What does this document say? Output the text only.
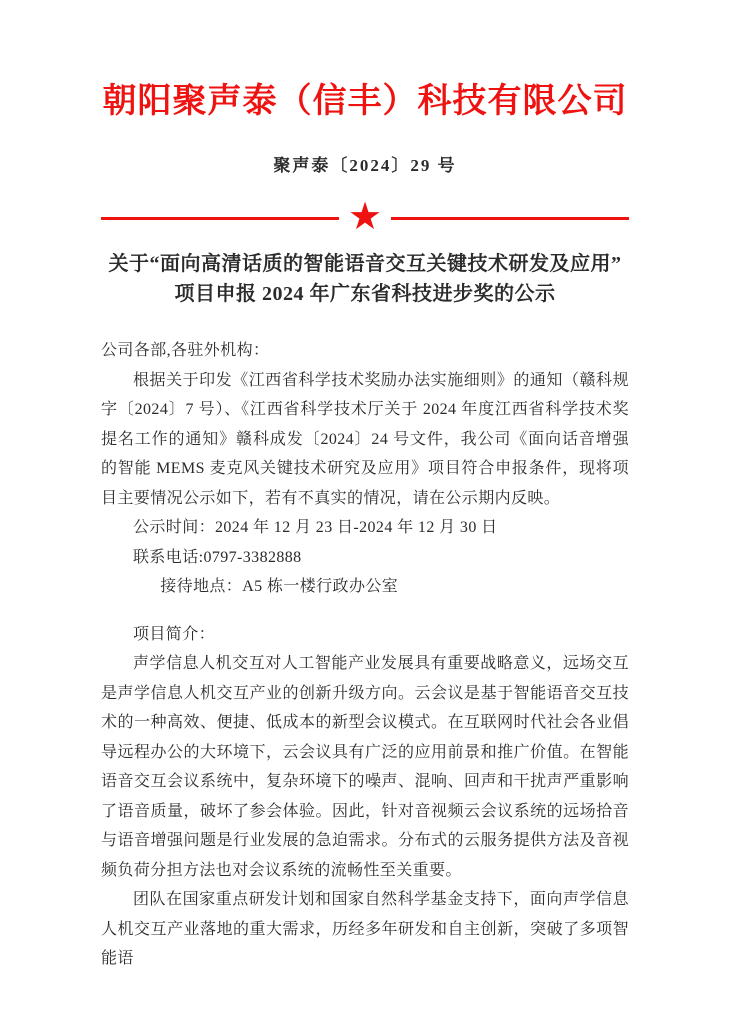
朝阳聚声泰（信丰）科技有限公司
聚声泰〔2024〕29 号
★
关于“面向高清话质的智能语音交互关键技术研发及应用”
项目申报 2024 年广东省科技进步奖的公示
公司各部,各驻外机构：

根据关于印发《江西省科学技术奖励办法实施细则》的通知（赣科规字〔2024〕7 号）、《江西省科学技术厅关于 2024 年度江西省科学技术奖提名工作的通知》赣科成发〔2024〕24 号文件，我公司《面向话音增强的智能 MEMS 麦克风关键技术研究及应用》项目符合申报条件，现将项目主要情况公示如下，若有不真实的情况，请在公示期内反映。

公示时间：2024 年 12 月 23 日-2024 年 12 月 30 日

联系电话:0797-3382888

接待地点：A5 栋一楼行政办公室

项目简介：

声学信息人机交互对人工智能产业发展具有重要战略意义，远场交互是声学信息人机交互产业的创新升级方向。云会议是基于智能语音交互技术的一种高效、便捷、低成本的新型会议模式。在互联网时代社会各业倡导远程办公的大环境下，云会议具有广泛的应用前景和推广价值。在智能语音交互会议系统中，复杂环境下的噪声、混响、回声和干扰声严重影响了语音质量，破坏了参会体验。因此，针对音视频云会议系统的远场拾音与语音增强问题是行业发展的急迫需求。分布式的云服务提供方法及音视频负荷分担方法也对会议系统的流畅性至关重要。

团队在国家重点研发计划和国家自然科学基金支持下，面向声学信息人机交互产业落地的重大需求，历经多年研发和自主创新，突破了多项智能语
